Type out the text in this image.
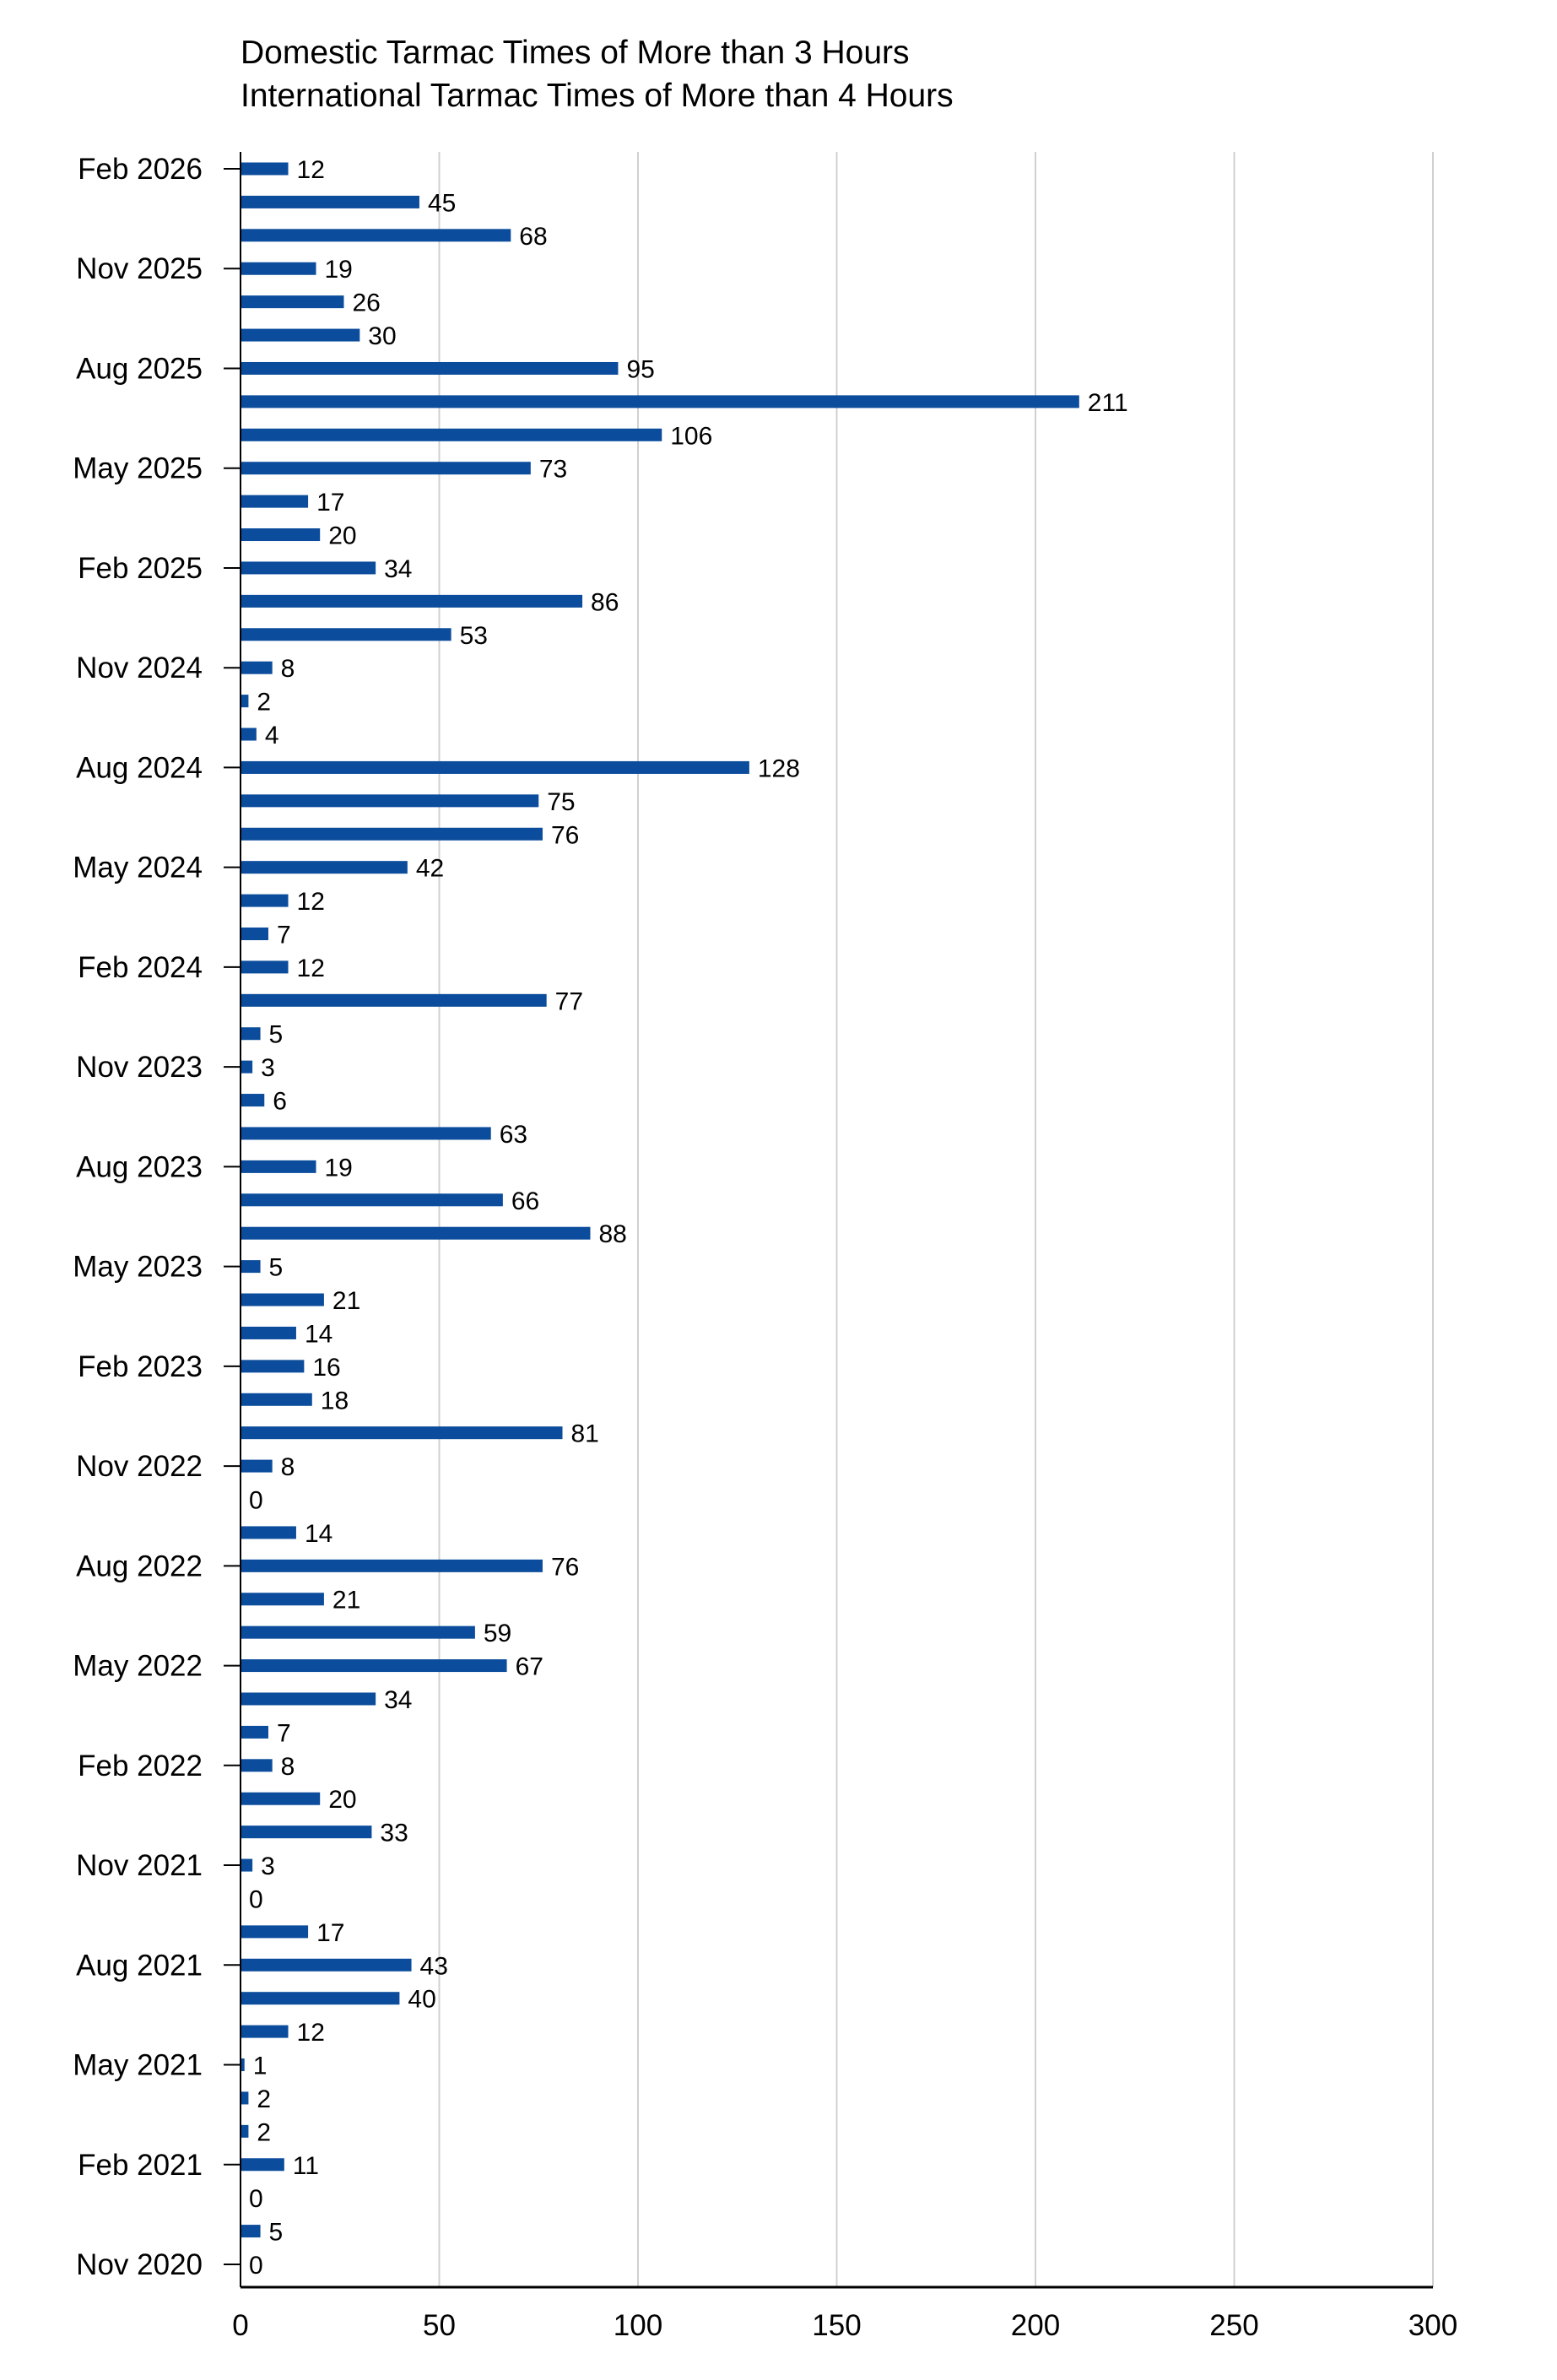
Domestic Tarmac Times of More than 3 Hours
International Tarmac Times of More than 4 Hours
12
45
68
19
26
30
95
211
106
73
17
20
34
86
53
8
2
4
128
75
76
42
12
7
12
77
5
3
6
63
19
66
88
5
21
14
16
18
81
8
0
14
76
21
59
67
34
7
8
20
33
3
0
17
43
40
12
1
2
2
11
0
5
0
Feb 2026
Nov 2025
Aug 2025
May 2025
Feb 2025
Nov 2024
Aug 2024
May 2024
Feb 2024
Nov 2023
Aug 2023
May 2023
Feb 2023
Nov 2022
Aug 2022
May 2022
Feb 2022
Nov 2021
Aug 2021
May 2021
Feb 2021
Nov 2020
0	50	100	150	200	250	300
